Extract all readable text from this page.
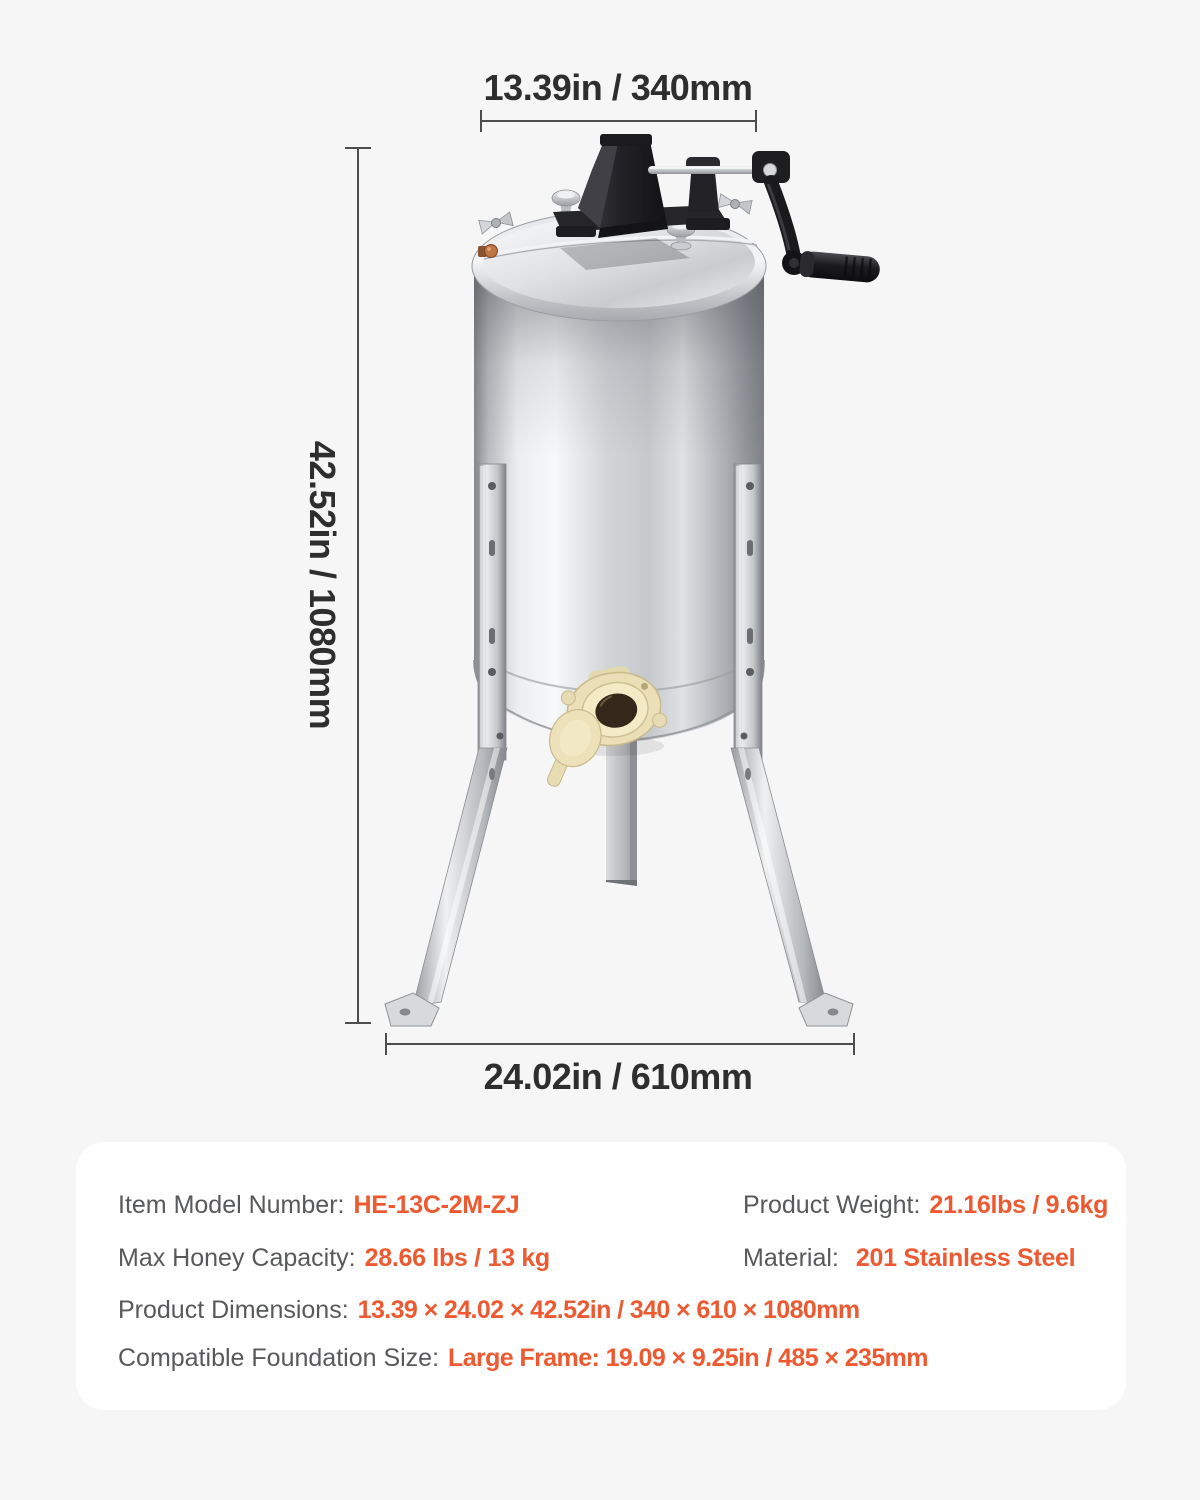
13.39in / 340mm
42.52in / 1080mm
24.02in / 610mm
Item Model Number: HE-13C-2M-ZJ	Product Weight: 21.16lbs / 9.6kg
Max Honey Capacity: 28.66 lbs / 13 kg	Material: 201 Stainless Steel
Product Dimensions: 13.39 × 24.02 × 42.52in / 340 × 610 × 1080mm
Compatible Foundation Size: Large Frame: 19.09 × 9.25in / 485 × 235mm
